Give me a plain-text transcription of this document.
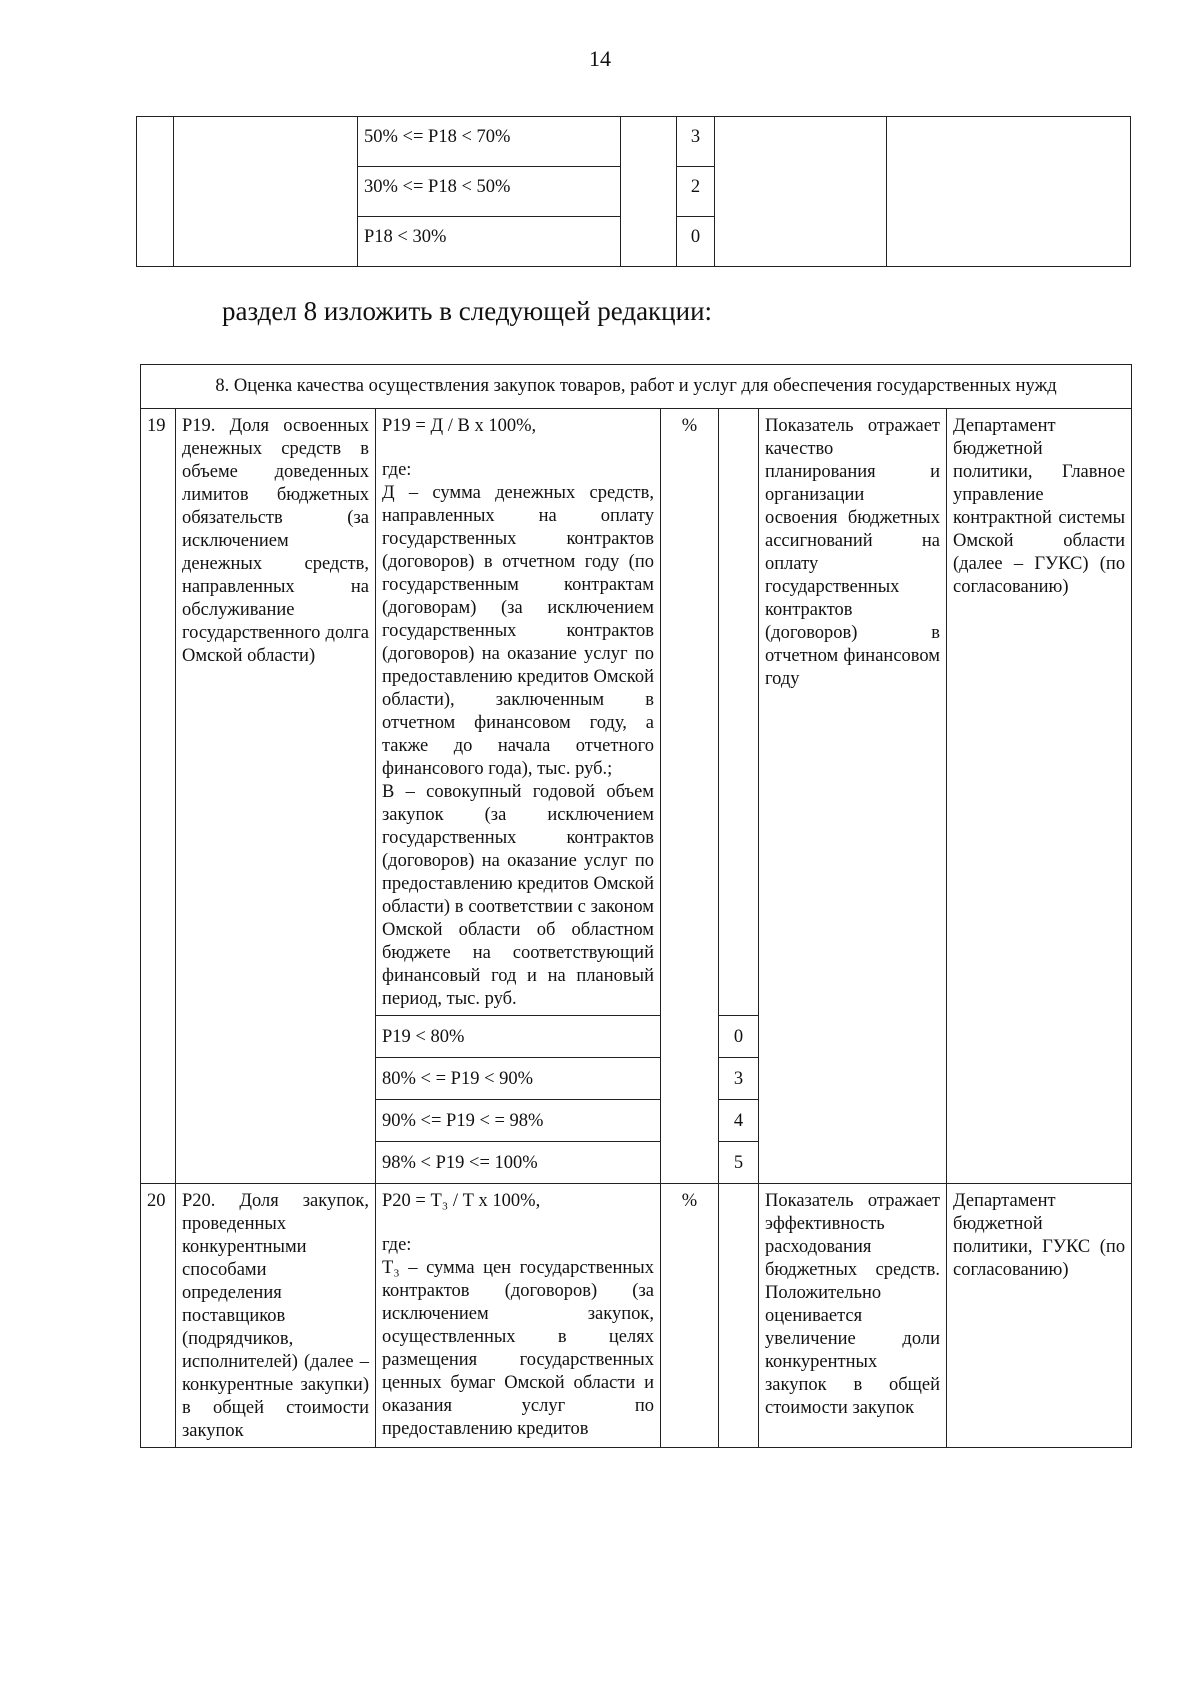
14
		50% <= P18 < 70%		3		
		30% <= P18 < 50%		2		
		P18 < 30%		0		
раздел 8 изложить в следующей редакции:
8. Оценка качества осуществления закупок товаров, работ и услуг для обеспечения государственных нужд						
19	P19. Доля освоенных денежных средств в объеме доведенных лимитов бюджетных обязательств (за исключением денежных средств, направленных на обслуживание государственного долга Омской области)	P19 = Д / В х 100%,
где:
Д – сумма денежных средств, направленных на оплату государственных контрактов (договоров) в отчетном году (по государственным контрактам (договорам) (за исключением государственных контрактов (договоров) на оказание услуг по предоставлению кредитов Омской области), заключенным в отчетном финансовом году, а также до начала отчетного финансового года), тыс. руб.;
В – совокупный годовой объем закупок (за исключением государственных контрактов (договоров) на оказание услуг по предоставлению кредитов Омской области) в соответствии с законом Омской области об областном бюджете на соответствующий финансовый год и на плановый период, тыс. руб.	%		Показатель отражает качество планирования и организации освоения бюджетных ассигнований на оплату государственных контрактов (договоров) в отчетном финансовом году	Департамент бюджетной политики, Главное управление контрактной системы Омской области (далее – ГУКС) (по согласованию)
		P19 < 80%		0		
		80% < = P19 < 90%		3		
		90% <= P19 < = 98%		4		
		98% < P19 <= 100%		5		
20	P20. Доля закупок, проведенных конкурентными способами определения поставщиков (подрядчиков, исполнителей) (далее – конкурентные закупки) в общей стоимости закупок	P20 = Т₃ / Т х 100%,
где:
Т₃ – сумма цен государственных контрактов (договоров) (за исключением закупок, осуществленных в целях размещения государственных ценных бумаг Омской области и оказания услуг по предоставлению кредитов	%		Показатель отражает эффективность расходования бюджетных средств. Положительно оценивается увеличение доли конкурентных закупок в общей стоимости закупок	Департамент бюджетной политики, ГУКС (по согласованию)
